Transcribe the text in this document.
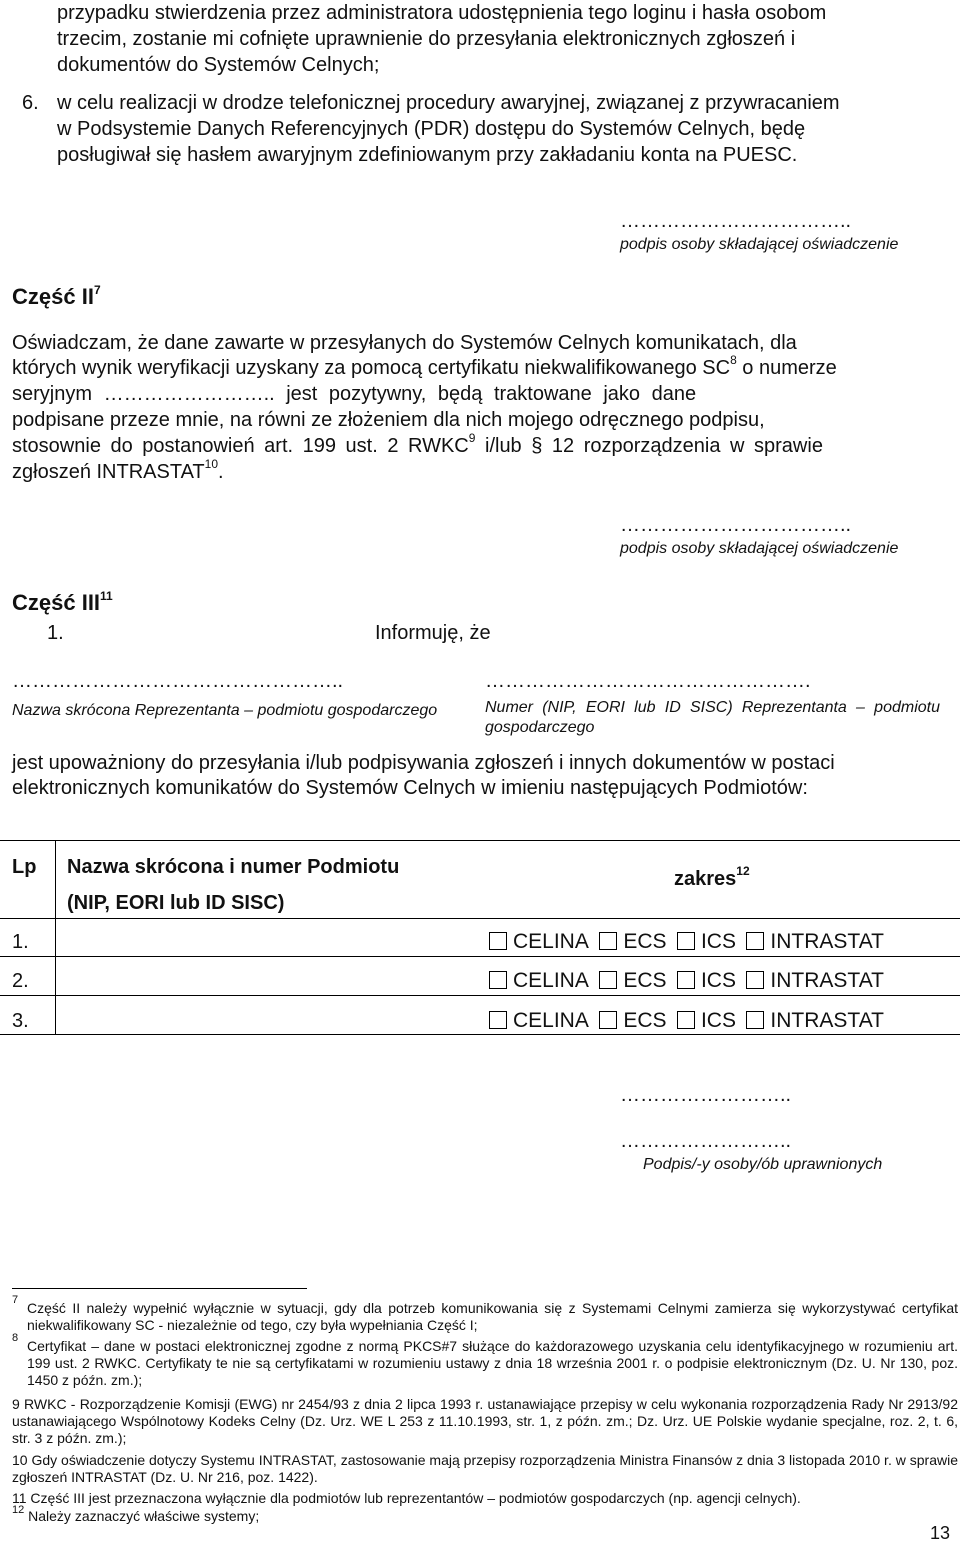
przypadku stwierdzenia przez administratora udostępnienia tego loginu i hasła osobom
trzecim, zostanie mi cofnięte uprawnienie do przesyłania elektronicznych zgłoszeń i
dokumentów do Systemów Celnych;
6. w celu realizacji w drodze telefonicznej procedury awaryjnej, związanej z przywracaniem
w Podsystemie Danych Referencyjnych (PDR) dostępu do Systemów Celnych, będę
posługiwał się hasłem awaryjnym zdefiniowanym przy zakładaniu konta na PUESC.
……………………………..
podpis osoby składającej oświadczenie
Część $II^7$
Oświadczam, że dane zawarte w przesyłanych do Systemów Celnych komunikatach, dla
których wynik weryfikacji uzyskany za pomocą certyfikatu niekwalifikowanego $SC^8$ o numerze
seryjnym …………………….. jest pozytywny, będą traktowane jako dane
podpisane przeze mnie, na równi ze złożeniem dla nich mojego odręcznego podpisu,
stosownie do postanowień art. 199 ust. 2 RWKC$^9$ i/lub § 12 rozporządzenia w sprawie
zgłoszeń INTRASTAT$^{10}$.
……………………………..
podpis osoby składającej oświadczenie
Część III$^{11}$
1.	Informuję, że
…………………………………………..
Nazwa skrócona Reprezentanta – podmiotu gospodarczego
………………………………………….
Numer (NIP, EORI lub ID SISC) Reprezentanta – podmiotu gospodarczego
jest upoważniony do przesyłania i/lub podpisywania zgłoszeń i innych dokumentów w postaci
elektronicznych komunikatów do Systemów Celnych w imieniu następujących Podmiotów:
Lp Nazwa skrócona i numer Podmiotu
(NIP, EORI lub ID SISC)
zakres$^{12}$
1.	CELINA ECS ICS INTRASTAT
2.	CELINA ECS ICS INTRASTAT
3.	CELINA ECS ICS INTRASTAT
……………………..
……………………..
Podpis/-y osoby/ób uprawnionych
7 Część II należy wypełnić wyłącznie w sytuacji, gdy dla potrzeb komunikowania się z Systemami Celnymi zamierza się wykorzystywać certyfikat niekwalifikowany SC - niezależnie od tego, czy była wypełniania Część I;
8 Certyfikat – dane w postaci elektronicznej zgodne z normą PKCS#7 służące do każdorazowego uzyskania celu identyfikacyjnego w rozumieniu art. 199 ust. 2 RWKC. Certyfikaty te nie są certyfikatami w rozumieniu ustawy z dnia 18 września 2001 r. o podpisie elektronicznym (Dz. U. Nr 130, poz. 1450 z późn. zm.);
9 RWKC - Rozporządzenie Komisji (EWG) nr 2454/93 z dnia 2 lipca 1993 r. ustanawiające przepisy w celu wykonania rozporządzenia Rady Nr 2913/92 ustanawiającego Wspólnotowy Kodeks Celny (Dz. Urz. WE L 253 z 11.10.1993, str. 1, z późn. zm.; Dz. Urz. UE Polskie wydanie specjalne, roz. 2, t. 6, str. 3 z późn. zm.);
10 Gdy oświadczenie dotyczy Systemu INTRASTAT, zastosowanie mają przepisy rozporządzenia Ministra Finansów z dnia 3 listopada 2010 r. w sprawie zgłoszeń INTRASTAT (Dz. U. Nr 216, poz. 1422).
11 Część III jest przeznaczona wyłącznie dla podmiotów lub reprezentantów – podmiotów gospodarczych (np. agencji celnych).
$^{12}$ Należy zaznaczyć właściwe systemy;
13
